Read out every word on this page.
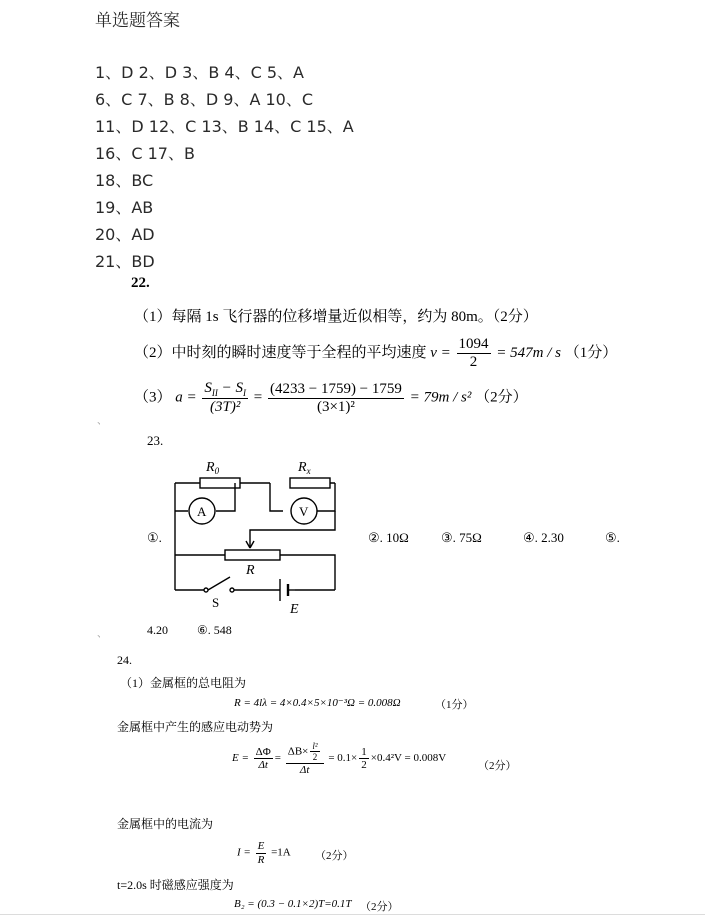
单选题答案
1、D 2、D 3、B 4、C 5、A
6、C 7、B 8、D 9、A 10、C
11、D 12、C 13、B 14、C 15、A
16、C 17、B
18、BC
19、AB
20、AD
21、BD
22.
（1）每隔 1s 飞行器的位移增量近似相等，约为 80m。（2分）
（2）中时刻的瞬时速度等于全程的平均速度 $v = \frac{1094}{2} = 547m / s$ （1分）
（3） $a = \frac{S_{II} - S_I}{\text{(3T)²}} = \frac{(4233 - 1759) - 1759}{\text{(3×1)²}} = 79m / s^2$ （2分）
、
23.
$R_0$	$R_x$
A	V
R
S	E
①.	②. 10Ω ③. 75Ω	④. 2.30	⑤.
、	4.20 ⑥. 548
24.
（1）金属框的总电阻为
R = 4lλ = 4×0.4×5×10⁻³Ω = 0.008Ω	（1分）
金属框中产生的感应电动势为
$E = \frac{\Delta\Phi}{\Delta t} = \frac{\Delta B\times \frac{\text{l²}}{2}}{\Delta t} = 0.1\times \frac{1}{2} \times 0.4^2V = 0.008V$
（2分）
金属框中的电流为
$I = \frac{E}{R} =1A$ （2分）
t=2.0s 时磁感应强度为
B₂ = (0.3 − 0.1×2)T=0.1T （2分）
